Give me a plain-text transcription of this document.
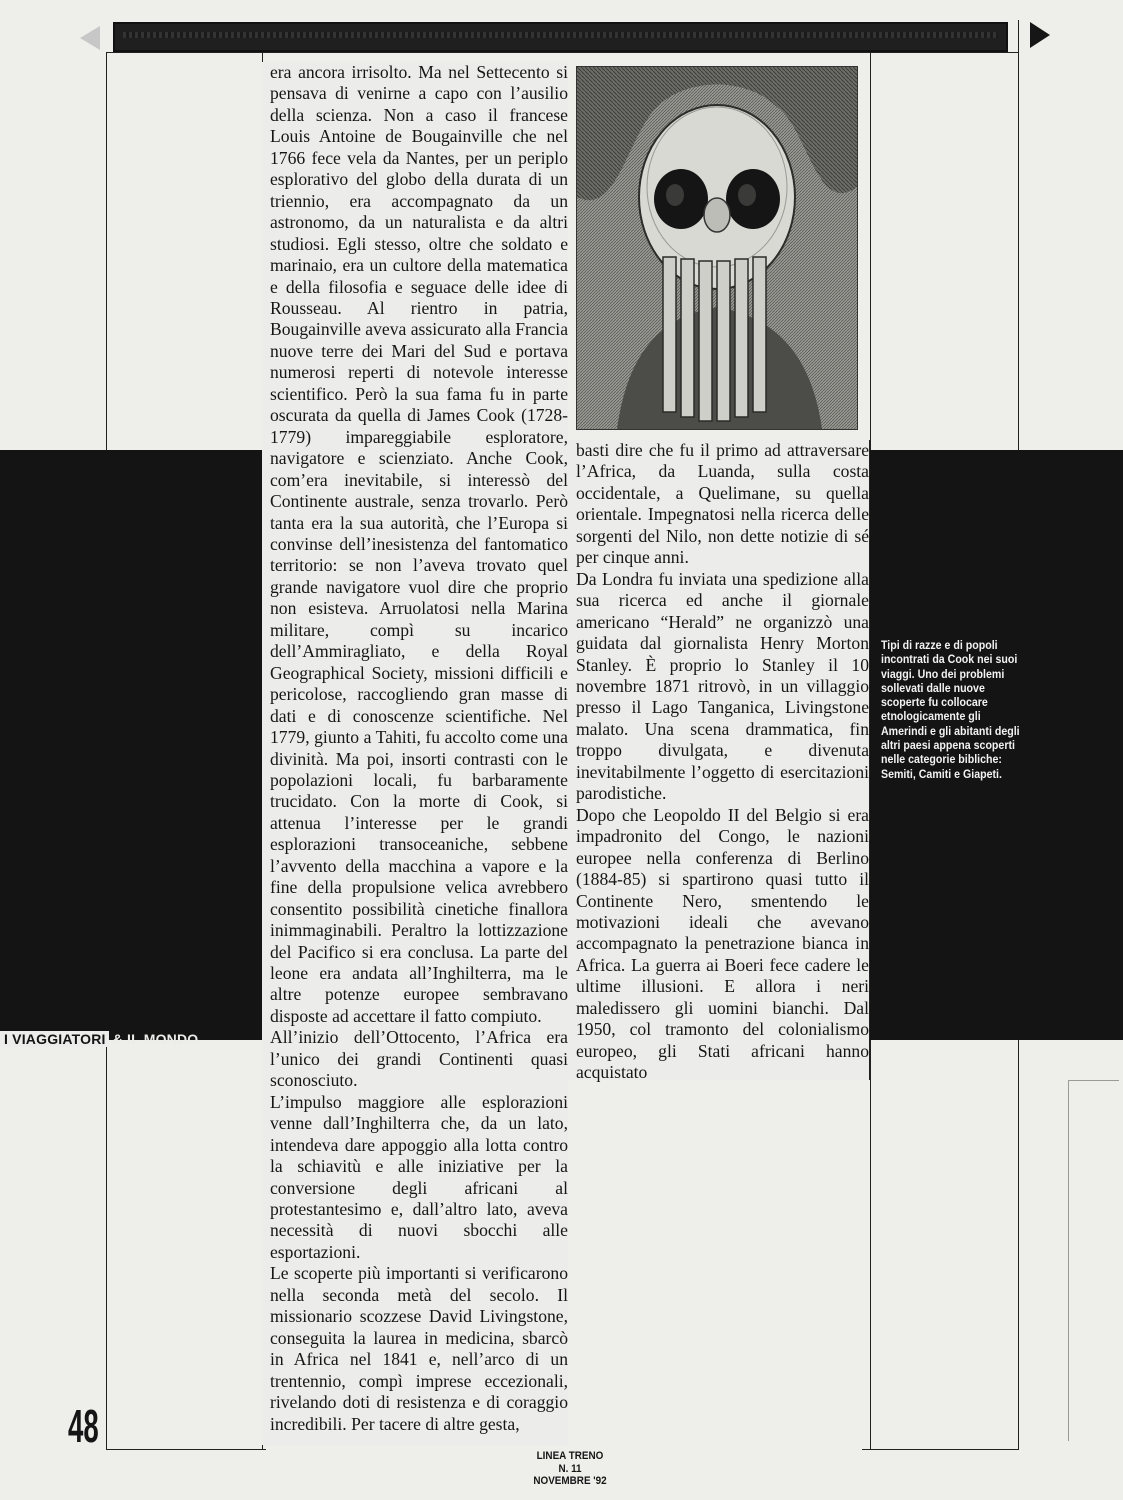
era ancora irrisolto. Ma nel Settecento si pensava di venirne a capo con l’ausilio della scienza. Non a caso il francese Louis Antoine de Bougainville che nel 1766 fece vela da Nantes, per un periplo esplorativo del globo della durata di un triennio, era accompagnato da un astronomo, da un naturalista e da altri studiosi. Egli stesso, oltre che soldato e marinaio, era un cultore della matematica e della filosofia e seguace delle idee di Rousseau. Al rientro in patria, Bougainville aveva assicurato alla Francia nuove terre dei Mari del Sud e portava numerosi reperti di notevole interesse scientifico. Però la sua fama fu in parte oscurata da quella di James Cook (1728-1779) impareggiabile esploratore, navigatore e scienziato. Anche Cook, com’era inevitabile, si interessò del Continente australe, senza trovarlo. Però tanta era la sua autorità, che l’Europa si convinse dell’inesistenza del fantomatico territorio: se non l’aveva trovato quel grande navigatore vuol dire che proprio non esisteva. Arruolatosi nella Marina militare, compì su incarico dell’Ammiragliato, e della Royal Geographical Society, missioni difficili e pericolose, raccogliendo gran masse di dati e di conoscenze scientifiche. Nel 1779, giunto a Tahiti, fu accolto come una divinità. Ma poi, insorti contrasti con le popolazioni locali, fu barbaramente trucidato. Con la morte di Cook, si attenua l’interesse per le grandi esplorazioni transoceaniche, sebbene l’avvento della macchina a vapore e la fine della propulsione velica avrebbero consentito possibilità cinetiche finallora inimmaginabili. Peraltro la lottizzazione del Pacifico si era conclusa. La parte del leone era andata all’Inghilterra, ma le altre potenze europee sembravano disposte ad accettare il fatto compiuto.

All’inizio dell’Ottocento, l’Africa era l’unico dei grandi Continenti quasi sconosciuto.

L’impulso maggiore alle esplorazioni venne dall’Inghilterra che, da un lato, intendeva dare appoggio alla lotta contro la schiavitù e alle iniziative per la conversione degli africani al protestantesimo e, dall’altro lato, aveva necessità di nuovi sbocchi alle esportazioni.

Le scoperte più importanti si verificarono nella seconda metà del secolo. Il missionario scozzese David Livingstone, conseguita la laurea in medicina, sbarcò in Africa nel 1841 e, nell’arco di un trentennio, compì imprese eccezionali, rivelando doti di resistenza e di coraggio incredibili. Per tacere di altre gesta,

basti dire che fu il primo ad attraversare l’Africa, da Luanda, sulla costa occidentale, a Quelimane, su quella orientale. Impegnatosi nella ricerca delle sorgenti del Nilo, non dette notizie di sé per cinque anni.

Da Londra fu inviata una spedizione alla sua ricerca ed anche il giornale americano “Herald” ne organizzò una guidata dal giornalista Henry Morton Stanley. È proprio lo Stanley il 10 novembre 1871 ritrovò, in un villaggio presso il Lago Tanganica, Livingstone malato. Una scena drammatica, fin troppo divulgata, e divenuta inevitabilmente l’oggetto di esercitazioni parodistiche.

Dopo che Leopoldo II del Belgio si era impadronito del Congo, le nazioni europee nella conferenza di Berlino (1884-85) si spartirono quasi tutto il Continente Nero, smentendo le motivazioni ideali che avevano accompagnato la penetrazione bianca in Africa. La guerra ai Boeri fece cadere le ultime illusioni. E allora i neri maledissero gli uomini bianchi. Dal 1950, col tramonto del colonialismo europeo, gli Stati africani hanno acquistato

Tipi di razze e di popoli incontrati da Cook nei suoi viaggi. Uno dei problemi sollevati dalle nuove scoperte fu collocare etnologicamente gli Amerindi e gli abitanti degli altri paesi appena scoperti nelle categorie bibliche: Semiti, Camiti e Giapeti.
I VIAGGIATORI & IL MONDO
48
LINEA TRENO
N. 11
NOVEMBRE '92
